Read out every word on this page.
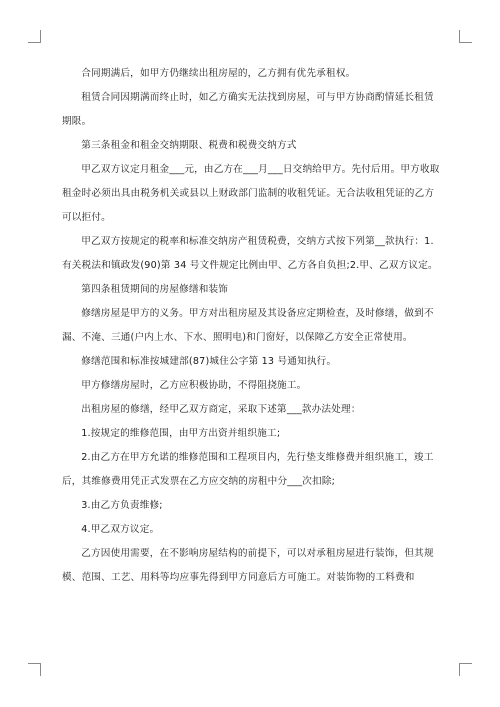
合同期满后，如甲方仍继续出租房屋的，乙方拥有优先承租权。

租赁合同因期满而终止时，如乙方确实无法找到房屋，可与甲方协商酌情延长租赁期限。

第三条租金和租金交纳期限、税费和税费交纳方式

甲乙双方议定月租金___元，由乙方在___月___日交纳给甲方。先付后用。甲方收取租金时必须出具由税务机关或县以上财政部门监制的收租凭证。无合法收租凭证的乙方可以拒付。

甲乙双方按规定的税率和标准交纳房产租赁税费，交纳方式按下列第__款执行：1.有关税法和镇政发(90)第 34 号文件规定比例由甲、乙方各自负担;2.甲、乙双方议定。

第四条租赁期间的房屋修缮和装饰

修缮房屋是甲方的义务。甲方对出租房屋及其设备应定期检查，及时修缮，做到不漏、不淹、三通(户内上水、下水、照明电)和门窗好，以保障乙方安全正常使用。

修缮范围和标准按城建部(87)城住公字第 13 号通知执行。

甲方修缮房屋时，乙方应积极协助，不得阻挠施工。

出租房屋的修缮，经甲乙双方商定，采取下述第___款办法处理：

1.按规定的维修范围，由甲方出资并组织施工;

2.由乙方在甲方允诺的维修范围和工程项目内，先行垫支维修费并组织施工，竣工后，其维修费用凭正式发票在乙方应交纳的房租中分___次扣除;

3.由乙方负责维修;

4.甲乙双方议定。

乙方因使用需要，在不影响房屋结构的前提下，可以对承租房屋进行装饰，但其规模、范围、工艺、用料等均应事先得到甲方同意后方可施工。对装饰物的工料费和
